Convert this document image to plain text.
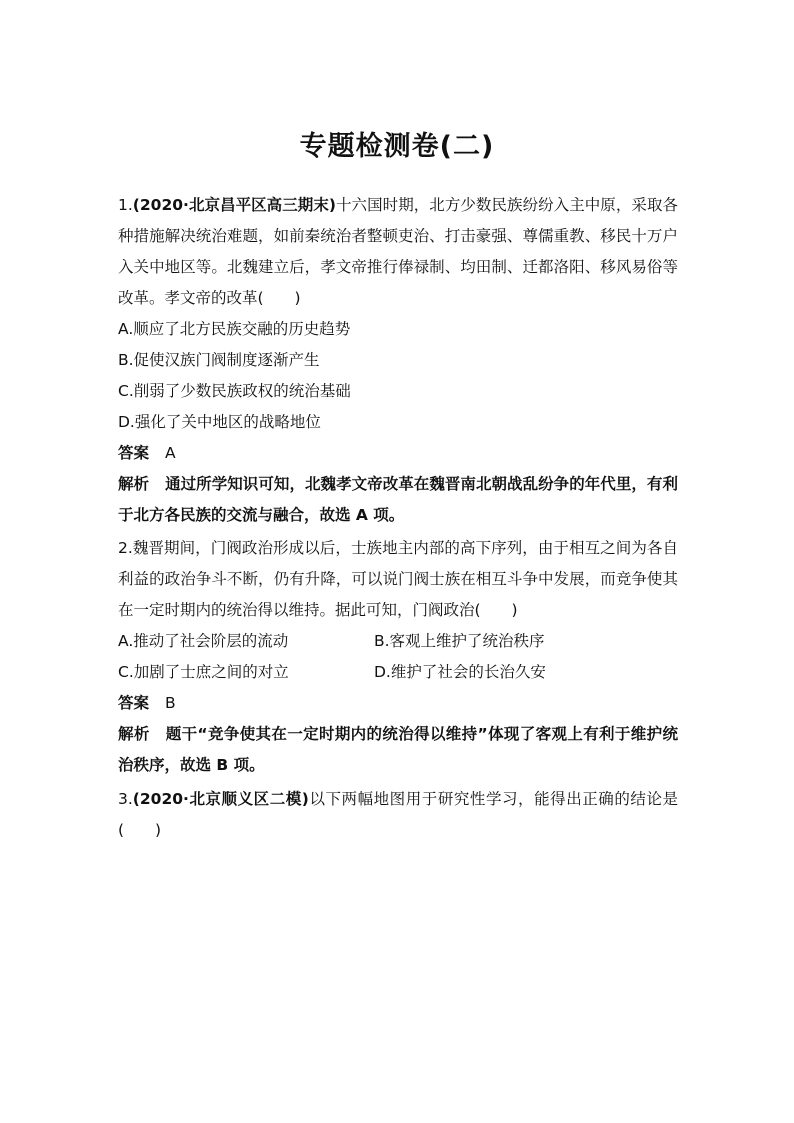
专题检测卷(二)

1.(2020·北京昌平区高三期末)十六国时期，北方少数民族纷纷入主中原，采取各种措施解决统治难题，如前秦统治者整顿吏治、打击豪强、尊儒重教、移民十万户入关中地区等。北魏建立后，孝文帝推行俸禄制、均田制、迁都洛阳、移风易俗等改革。孝文帝的改革(　　)

A.顺应了北方民族交融的历史趋势
B.促使汉族门阀制度逐渐产生
C.削弱了少数民族政权的统治基础
D.强化了关中地区的战略地位
答案 A

解析 通过所学知识可知，北魏孝文帝改革在魏晋南北朝战乱纷争的年代里，有利于北方各民族的交流与融合，故选 A 项。

2.魏晋期间，门阀政治形成以后，士族地主内部的高下序列，由于相互之间为各自利益的政治争斗不断，仍有升降，可以说门阀士族在相互斗争中发展，而竞争使其在一定时期内的统治得以维持。据此可知，门阀政治(　　)

A.推动了社会阶层的流动	B.客观上维护了统治秩序
C.加剧了士庶之间的对立	D.维护了社会的长治久安
答案 B

解析 题干“竞争使其在一定时期内的统治得以维持”体现了客观上有利于维护统治秩序，故选 B 项。

3.(2020·北京顺义区二模)以下两幅地图用于研究性学习，能得出正确的结论是(　　)
